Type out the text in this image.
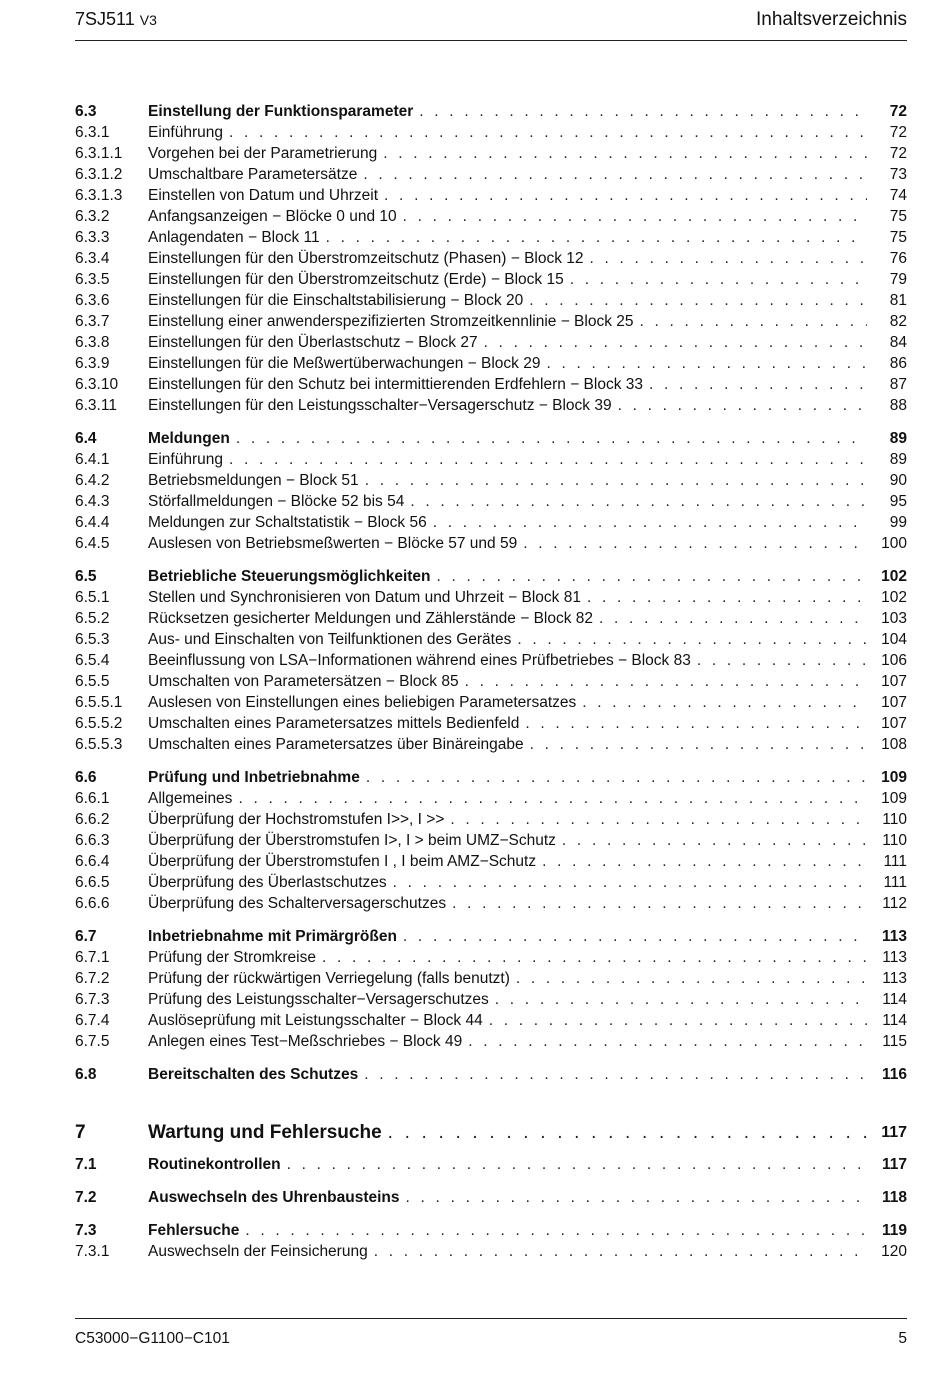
7SJ511 V3	Inhaltsverzeichnis
6.3	Einstellung der Funktionsparameter . . .	72
6.3.1 Einführung . . .	72
6.3.1.1 Vorgehen bei der Parametrierung . . .	72
6.3.1.2 Umschaltbare Parametersätze . . .	73
6.3.1.3 Einstellen von Datum und Uhrzeit . . .	74
6.3.2 Anfangsanzeigen − Blöcke 0 und 10 . . .	75
6.3.3 Anlagendaten − Block 11 . . .	75
6.3.4 Einstellungen für den Überstromzeitschutz (Phasen) − Block 12 . . .	76
6.3.5 Einstellungen für den Überstromzeitschutz (Erde) − Block 15 . . .	79
6.3.6 Einstellungen für die Einschaltstabilisierung − Block 20 . . .	81
6.3.7 Einstellung einer anwenderspezifizierten Stromzeitkennlinie − Block 25 . . .	82
6.3.8 Einstellungen für den Überlastschutz − Block 27 . . .	84
6.3.9 Einstellungen für die Meßwertüberwachungen − Block 29 . . .	86
6.3.10 Einstellungen für den Schutz bei intermittierenden Erdfehlern − Block 33 . . .	87
6.3.11 Einstellungen für den Leistungsschalter−Versagerschutz − Block 39 . . .	88
6.4	Meldungen . . .	89
6.4.1 Einführung . . .	89
6.4.2 Betriebsmeldungen − Block 51 . . .	90
6.4.3 Störfallmeldungen − Blöcke 52 bis 54 . . .	95
6.4.4 Meldungen zur Schaltstatistik − Block 56 . . .	99
6.4.5 Auslesen von Betriebsmeßwerten − Blöcke 57 und 59 . . .	100
6.5	Betriebliche Steuerungsmöglichkeiten . . .	102
6.5.1 Stellen und Synchronisieren von Datum und Uhrzeit − Block 81 . . .	102
6.5.2 Rücksetzen gesicherter Meldungen und Zählerstände − Block 82 . . .	103
6.5.3 Aus- und Einschalten von Teilfunktionen des Gerätes . . .	104
6.5.4 Beeinflussung von LSA−Informationen während eines Prüfbetriebes − Block 83 . . .	106
6.5.5 Umschalten von Parametersätzen − Block 85 . . .	107
6.5.5.1 Auslesen von Einstellungen eines beliebigen Parametersatzes . . .	107
6.5.5.2 Umschalten eines Parametersatzes mittels Bedienfeld . . .	107
6.5.5.3 Umschalten eines Parametersatzes über Binäreingabe . . .	108
6.6	Prüfung und Inbetriebnahme . . .	109
6.6.1 Allgemeines . . .	109
6.6.2 Überprüfung der Hochstromstufen I>>, I >> . . .	110
6.6.3 Überprüfung der Überstromstufen I>, I > beim UMZ−Schutz . . .	110
6.6.4 Überprüfung der Überstromstufen I , I beim AMZ−Schutz . . .	111
6.6.5 Überprüfung des Überlastschutzes . . .	111
6.6.6 Überprüfung des Schalterversagerschutzes . . .	112
6.7	Inbetriebnahme mit Primärgrößen . . .	113
6.7.1 Prüfung der Stromkreise . . .	113
6.7.2 Prüfung der rückwärtigen Verriegelung (falls benutzt) . . .	113
6.7.3 Prüfung des Leistungsschalter−Versagerschutzes . . .	114
6.7.4 Auslöseprüfung mit Leistungsschalter − Block 44 . . .	114
6.7.5 Anlegen eines Test−Meßschriebes − Block 49 . . .	115
6.8	Bereitschalten des Schutzes . . .	116
7	Wartung und Fehlersuche . . .	117
7.1	Routinekontrollen . . .	117
7.2	Auswechseln des Uhrenbausteins . . .	118
7.3	Fehlersuche . . .	119
7.3.1 Auswechseln der Feinsicherung . . .	120
C53000−G1100−C101	5
